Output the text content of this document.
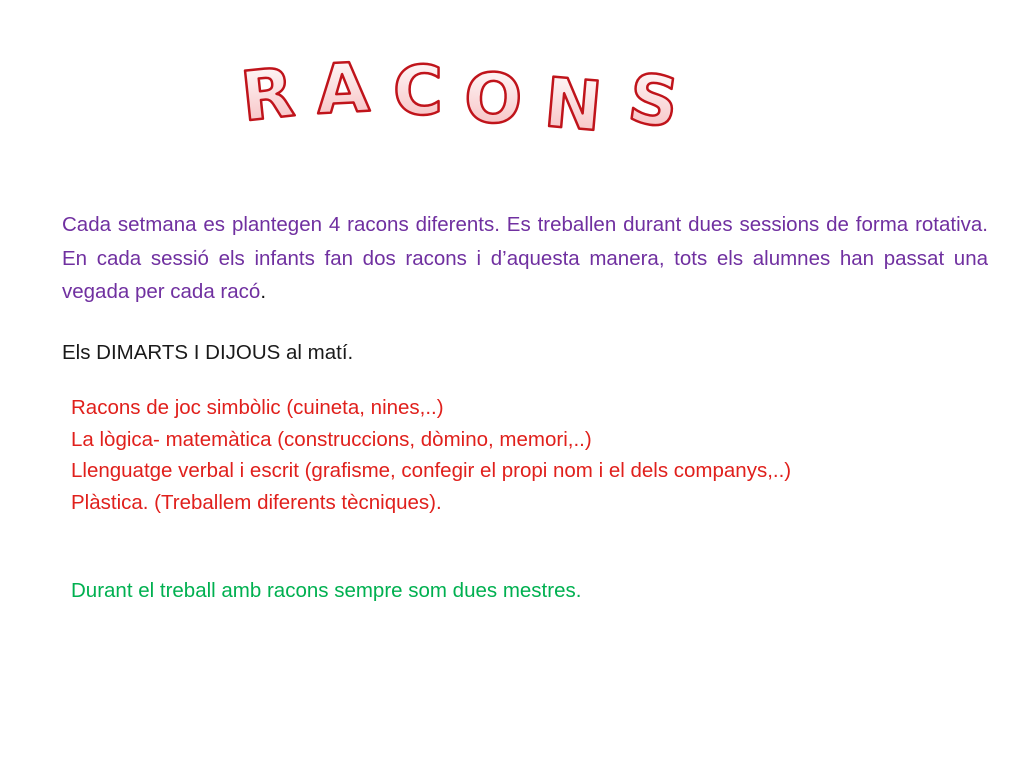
R A C O N S

Cada setmana es plantegen 4 racons diferents. Es treballen durant dues sessions de forma rotativa. En cada sessió els infants fan dos racons i d’aquesta manera, tots els alumnes han passat una vegada per cada racó.

Els DIMARTS I DIJOUS al matí.

Racons de joc simbòlic (cuineta, nines,..)
La lògica- matemàtica (construccions, dòmino, memori,..)
Llenguatge verbal i escrit (grafisme, confegir el propi nom i el dels companys,..)
Plàstica. (Treballem diferents tècniques).

Durant el treball amb racons sempre som dues mestres.
